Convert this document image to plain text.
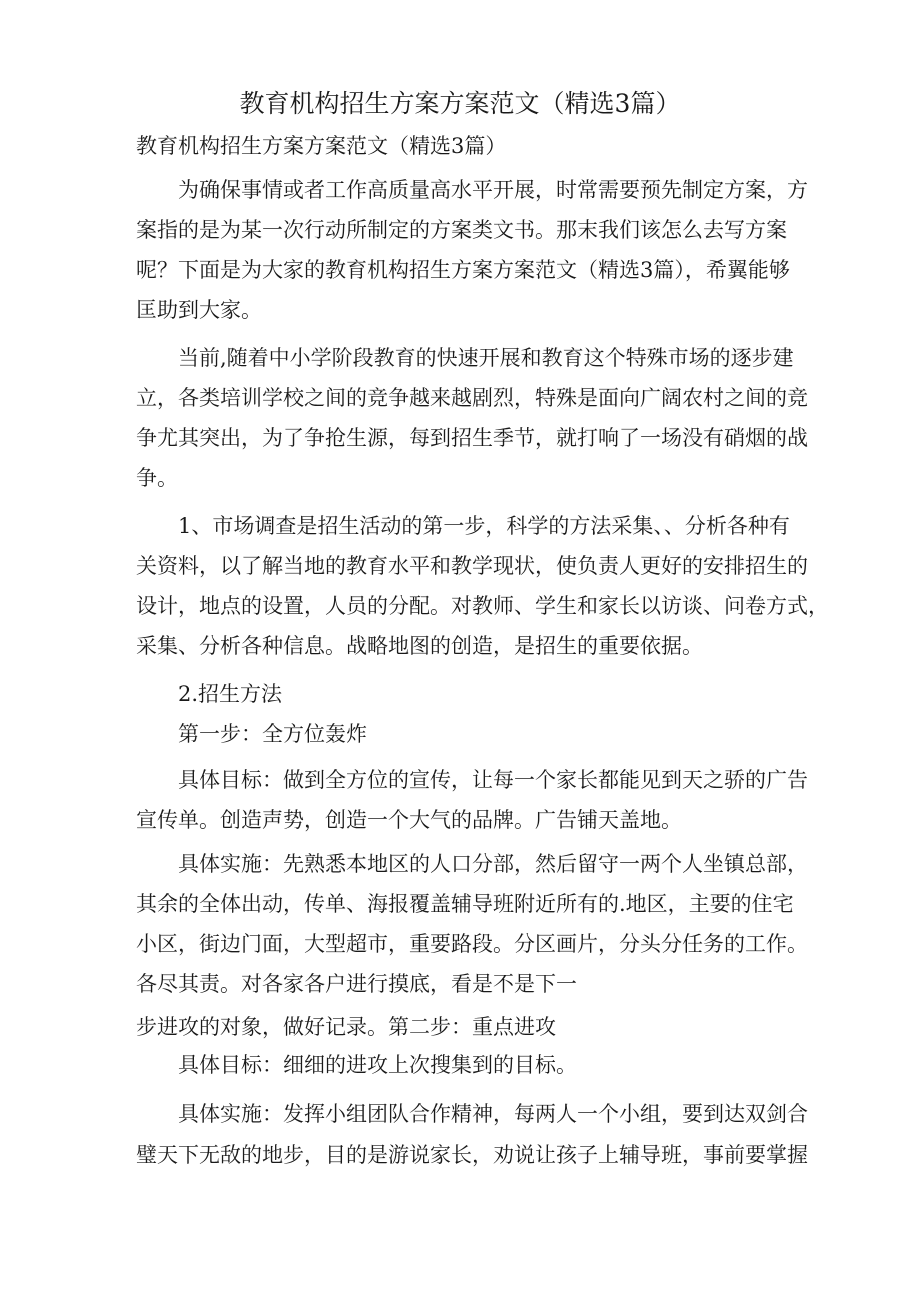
教育机构招生方案方案范文（精选3篇）
教育机构招生方案方案范文（精选3篇）
　　为确保事情或者工作高质量高水平开展，时常需要预先制定方案，方
案指的是为某一次行动所制定的方案类文书。那末我们该怎么去写方案
呢？下面是为大家的教育机构招生方案方案范文（精选3篇），希翼能够
匡助到大家。
　　当前,随着中小学阶段教育的快速开展和教育这个特殊市场的逐步建
立，各类培训学校之间的竞争越来越剧烈，特殊是面向广阔农村之间的竞
争尤其突出，为了争抢生源，每到招生季节，就打响了一场没有硝烟的战
争。
　　1、市场调查是招生活动的第一步，科学的方法采集、、分析各种有
关资料，以了解当地的教育水平和教学现状，使负责人更好的安排招生的
设计，地点的设置，人员的分配。对教师、学生和家长以访谈、问卷方式，
采集、分析各种信息。战略地图的创造，是招生的重要依据。
　　2.招生方法
　　第一步：全方位轰炸
　　具体目标：做到全方位的宣传，让每一个家长都能见到天之骄的广告
宣传单。创造声势，创造一个大气的品牌。广告铺天盖地。
　　具体实施：先熟悉本地区的人口分部，然后留守一两个人坐镇总部，
其余的全体出动，传单、海报覆盖辅导班附近所有的.地区，主要的住宅
小区，街边门面，大型超市，重要路段。分区画片，分头分任务的工作。
各尽其责。对各家各户进行摸底，看是不是下一
步进攻的对象，做好记录。第二步：重点进攻
　　具体目标：细细的进攻上次搜集到的目标。
　　具体实施：发挥小组团队合作精神，每两人一个小组，要到达双剑合
璧天下无敌的地步，目的是游说家长，劝说让孩子上辅导班，事前要掌握
